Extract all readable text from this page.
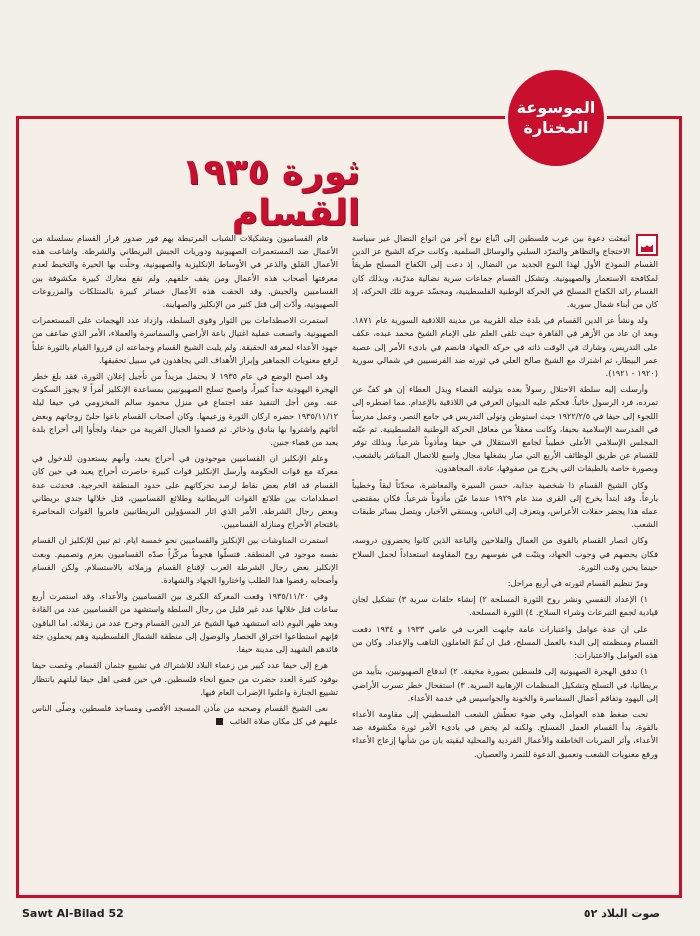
الموسوعة
المختارة
ثورة ١٩٣٥ القسام

انبعثت دعوة بين عرب فلسطين إلى اتّباع نوع آخر من انواع النضال غير سياسة الاحتجاج والتظاهر والتمرّد السلبي والوسائل السلمية. وكانت حركة الشيخ عز الدين القسام النموذج الأول لهذا النوع الجديد من النضال، إذ دعت إلى الكفاح المسلح طريقاً لمكافحة الاستعمار والصهيونية. وتشكل القسام جماعات سرية نضالية مدرّبة، وبذلك كان القسام رائد الكفاح المسلح في الحركة الوطنية الفلسطينية، ومجسّد عروبة تلك الحركة، إذ كان من أبناء شمال سورية.

ولد ونشأ عز الدين القسام في بلدة جبلة القريبة من مدينة اللاذقية السورية عام ١٨٧١. وبعد ان عاد من الأزهر في القاهرة حيث تلقى العلم على الإمام الشيخ محمد عبده، عكف على التدريس، وشارك في الوقت ذاته في حركة الجهاد فانضم في بادىء الأمر إلى عصبة عمر البيطار، ثم اشترك مع الشيخ صالح العلي في ثورته ضد الفرنسيين في شمالي سورية (١٩٢٠ - ١٩٢١).

وأرسلت إليه سلطة الاحتلال رسولاً بعده بتوليته القضاء ويذل العطاء إن هو كفّ عن تمرده، فرد الرسول خائباً. فحكم عليه الديوان العرفي في اللاذقية بالإعدام. مما اضطره إلى اللجوء إلى حيفا في ١٩٢٢/٢/٥ حيث استوطن وتولى التدريس في جامع النصر، وعمل مدرساً في المدرسة الإسلامية بحيفا، وكانت معقلاً من معاقل الحركة الوطنية الفلسطينية. ثم عيّنه المجلس الإسلامي الأعلى خطيباً لجامع الاستقلال في حيفا ومأذوناً شرعياً. وبذلك توفر للقسام عن طريق الوظائف الأربع التي صار يشغلها مجال واسع للاتصال المباشر بالشعب، وبصورة خاصة بالطبقات التي يخرج من صفوفها، عادة، المجاهدون.

وكان الشيخ القسام ذا شخصية جذابة، حسن السيرة والمعاشرة، محدّثاً لبقاً وخطيباً بارعاً. وقد ابتدأ يخرج إلى القرى منذ عام ١٩٢٩ عندما عيّن مأذوناً شرعياً. فكان بمقتضى عمله هذا يحضر حفلات الأعراس، ويتعرف إلى الناس، ويستقي الأخبار، ويتصل بسائر طبقات الشعب.

وكان انصار القسام بالقوى من العمال والفلاحين والباعة الذين كانوا يحضرون دروسه، فكان يحضهم في وجوب الجهاد، ويثبّت في نفوسهم روح المقاومة استعداداً لحمل السلاح حينما يحين وقت الثورة.

ومرّ تنظيم القسام لثورته في أربع مراحل:

١) الإعداد النفسي ونشر روح الثورة المسلحة ٢) إنشاء حلقات سرية ٣) تشكيل لجان قيادية لجمع التبرعات وشراء السلاح. ٤) الثورة المسلحة.

على ان عدة عوامل واعتبارات عامة جابهت العرب في عامي ١٩٣٣ و ١٩٣٤ دفعت القسام ومنظمته إلى البدء بالعمل المسلح، قبل ان تُتمّ العاملون التاهب والإعداد. وكان من هذه العوامل والاعتبارات:

١) تدفق الهجرة الصهيونية إلى فلسطين بصورة مخيفة. ٢) اندفاع الصهيونيين، بتأييد من بريطانيا، في التسلح وتشكيل المنظمات الإرهابية السرية. ٣) استفحال خطر تسرب الأراضي إلى اليهود وتفاقم أعمال السماسرة والخونة والجواسيس في خدمة الأعداء.

تحت ضغط هذه العوامل، وفي ضوء تعطّش الشعب الفلسطيني إلى مقاومة الأعداء بالقوة، بدأ القسام العمل المسلح. ولكنه لم يخض في بادىء الأمر ثورة مكشوفة ضد الأعداء، وآثر الضربات الخاطفة والأعمال الفردية والمحلية لبقيته بان من شأنها إزعاج الأعداء ورفع معنويات الشعب وتعميق الدعوة للتمرد والعصيان.

قام القساميون وتشكيلات الشباب المرتبطة بهم فور صدور قرار القسام بسلسلة من الأعمال ضد المستعمرات الصهيونية ودوريات الجيش البريطاني والشرطة. واشاعت هذه الأعمال القلق والذعر في الأوساط الإنكليزية والصهيونية، وحلّت بها الحيرة والتخبط لعدم معرفتها أصحاب هذه الأعمال ومن يقف خلفهم. ولم تقع معارك كبيرة مكشوفة بين القساميين والجيش. وقد الحقت هذه الأعمال خسائر كبيرة بالمنتلكات والمزروعات الصهيونية، وأدّت إلى قتل كثير من الإنكليز والصهاينة.

استمرت الاصطدامات بين الثوار وقوى السلطة، وازداد عدد الهجمات على المستعمرات الصهيونية. واتسعت عملية اغتيال باعة الأراضي والسماسرة والعملاء، الأمر الذي ضاعف من جهود الأعداء لمعرفة الحقيقة. ولم يلبث الشيخ القسام وجماعته ان قرروا القيام بالثورة علناً لرفع معنويات الجماهير وإبراز الأهداف التي يجاهدون في سبيل تحقيقها.

وقد اصبح الوضع في عام ١٩٣٥ لا يحتمل مزيداً من تأجيل إعلان الثورة، فقد بلغ خطر الهجرة اليهودية حداً كبيراً، واصبح تسلح الصهيونيين بمساعدة الإنكليز أمراً لا يجوز السكوت عنه. ومن أجل التنفيذ عقد اجتماع في منزل محمود سالم المخزومي في حيفا ليلة ١٩٣٥/١١/١٢ حضره اركان الثورة وزعيمها. وكان أصحاب القسام باعوا حلىّ زوجاتهم وبعض أثاثهم واشتروا بها بنادق وذخائر. ثم قصدوا الجبال القريبة من حيفا، ولجأوا إلى أحراج بلدة يعبد من قضاء جنين.

وعلم الإنكليز ان القساميين موجودون في أحراج يعبد، وأنهم يستعدون للدخول في معركة مع قوات الحكومة وأرسل الإنكليز قوات كبيرة حاصرت أحراج يعبد في حين كان القسام قد اقام بعض نقاط لرصد تحركاتهم على حدود المنطقة الحرجية. فحدثت عدة اصطدامات بين طلائع القوات البريطانية وطلائع القساميين، قتل خلالها جندي بريطاني وبعض رجال الشرطة. الأمر الذي اثار المسؤولين البريطانيين فامروا القوات المحاصرة باقتحام الأحراج ومنازلة القساميين.

استمرت المناوشات بين الإنكليز والقساميين نحو خمسة ايام. ثم تبين للإنكليز ان القسام نفسه موجود في المنطقة. فتسلّوا هجوماً مركّزاً صدّه القساميون بعزم وتصميم. وبعث الإنكليز بعض رجال الشرطة العرب لإقناع القسام وزملائه بالاستسلام. ولكن القسام وأصحابه رفضوا هذا الطلب واختاروا الجهاد والشهادة.

وفي ١٩٣٥/١١/٢٠ وقعت المعركة الكبرى بين القساميين والأعداء، وقد استمرت أربع ساعات قتل خلالها عدد غير قليل من رجال السلطة واستشهد من القساميين عدد من القادة وبعد ظهر اليوم ذاته استشهد فيها الشيخ عز الدين القسام وجرح عدد من زملائه. اما الباقون فإنهم استطاعوا اختراق الحصار والوصول إلى منطقة الشمال الفلسطينية وهم يحملون جثة قائدهم الشهيد إلى مدينة حيفا.

هرع إلى حيفا عدد كبير من زعماء البلاد للاشتراك في تشييع جثمان القسام. وغصت حيفا بوفود كثيرة العدد حضرت من جميع انحاء فلسطين. في حين قضى اهل حيفا ليلتهم بانتظار تشييع الجنازة واعلنوا الإضراب العام فيها.

نعى الشيخ القسام وصحبه من مآذن المسجد الأقصى ومساجد فلسطين، وصلّى الناس عليهم في كل مكان صلاة الغائب

Sawt Al-Bilad 52	صوت البلاد ٥٢
